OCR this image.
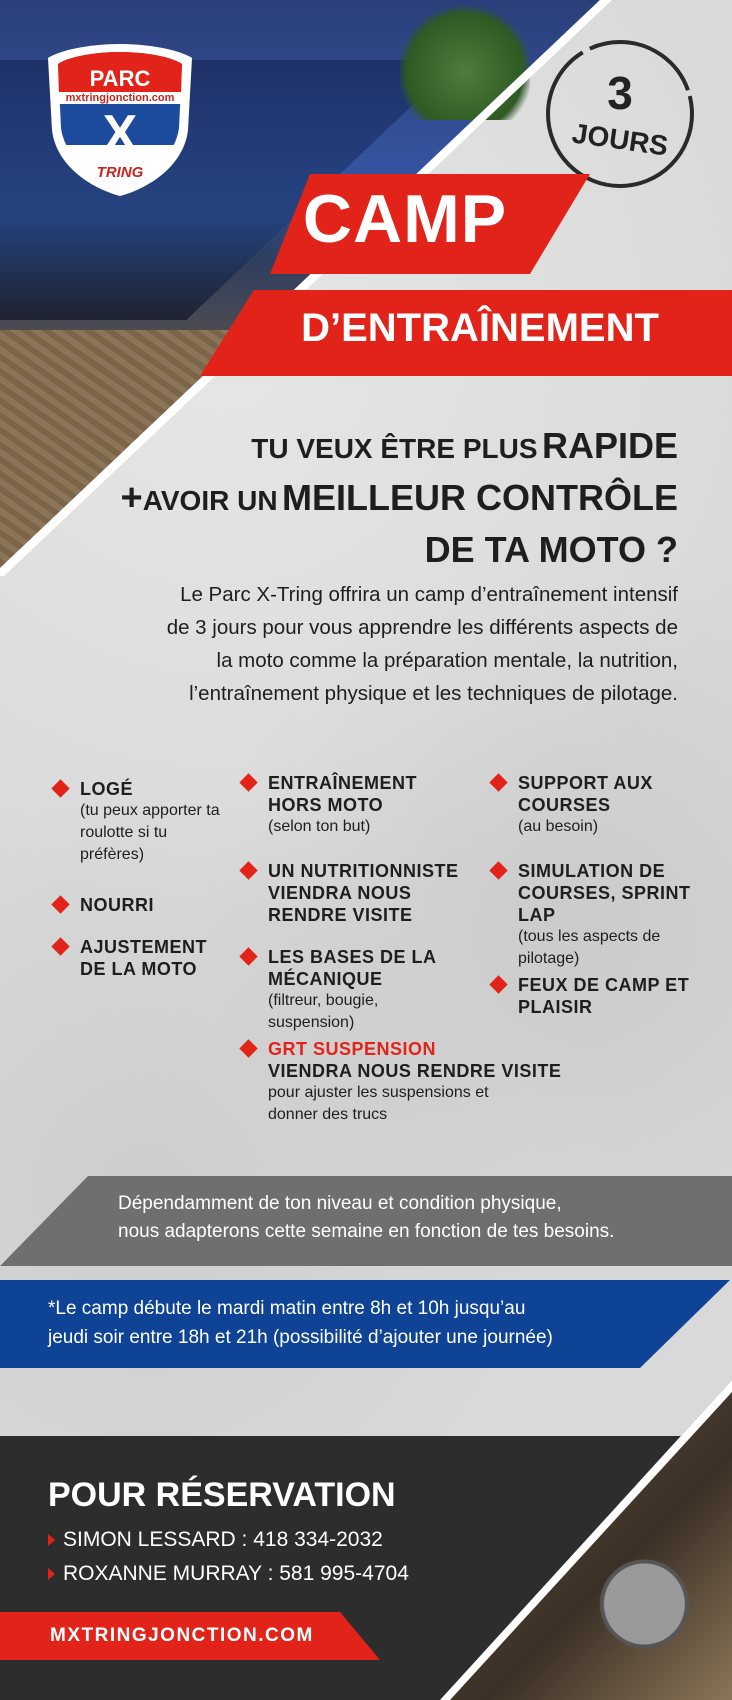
PARC
mxtringjonction.com
X
TRING
3
JOURS
CAMP
D’ENTRAÎNEMENT
TU VEUX ÊTRE PLUS RAPIDE
+AVOIR UN MEILLEUR CONTRÔLE
DE TA MOTO ?
Le Parc X-Tring offrira un camp d’entraînement intensif
de 3 jours pour vous apprendre les différents aspects de
la moto comme la préparation mentale, la nutrition,
l’entraînement physique et les techniques de pilotage.
LOGÉ
(tu peux apporter ta roulotte si tu préfères)
NOURRI
AJUSTEMENT DE LA MOTO
ENTRAÎNEMENT HORS MOTO
(selon ton but)
UN NUTRITIONNISTE VIENDRA NOUS RENDRE VISITE
LES BASES DE LA MÉCANIQUE
(filtreur, bougie, suspension)
GRT SUSPENSION
VIENDRA NOUS RENDRE VISITE
pour ajuster les suspensions et donner des trucs
SUPPORT AUX COURSES
(au besoin)
SIMULATION DE COURSES, SPRINT LAP
(tous les aspects de pilotage)
FEUX DE CAMP ET PLAISIR
Dépendamment de ton niveau et condition physique,
nous adapterons cette semaine en fonction de tes besoins.
*Le camp débute le mardi matin entre 8h et 10h jusqu’au
jeudi soir entre 18h et 21h (possibilité d’ajouter une journée)
POUR RÉSERVATION
SIMON LESSARD : 418 334-2032
ROXANNE MURRAY : 581 995-4704
MXTRINGJONCTION.COM
